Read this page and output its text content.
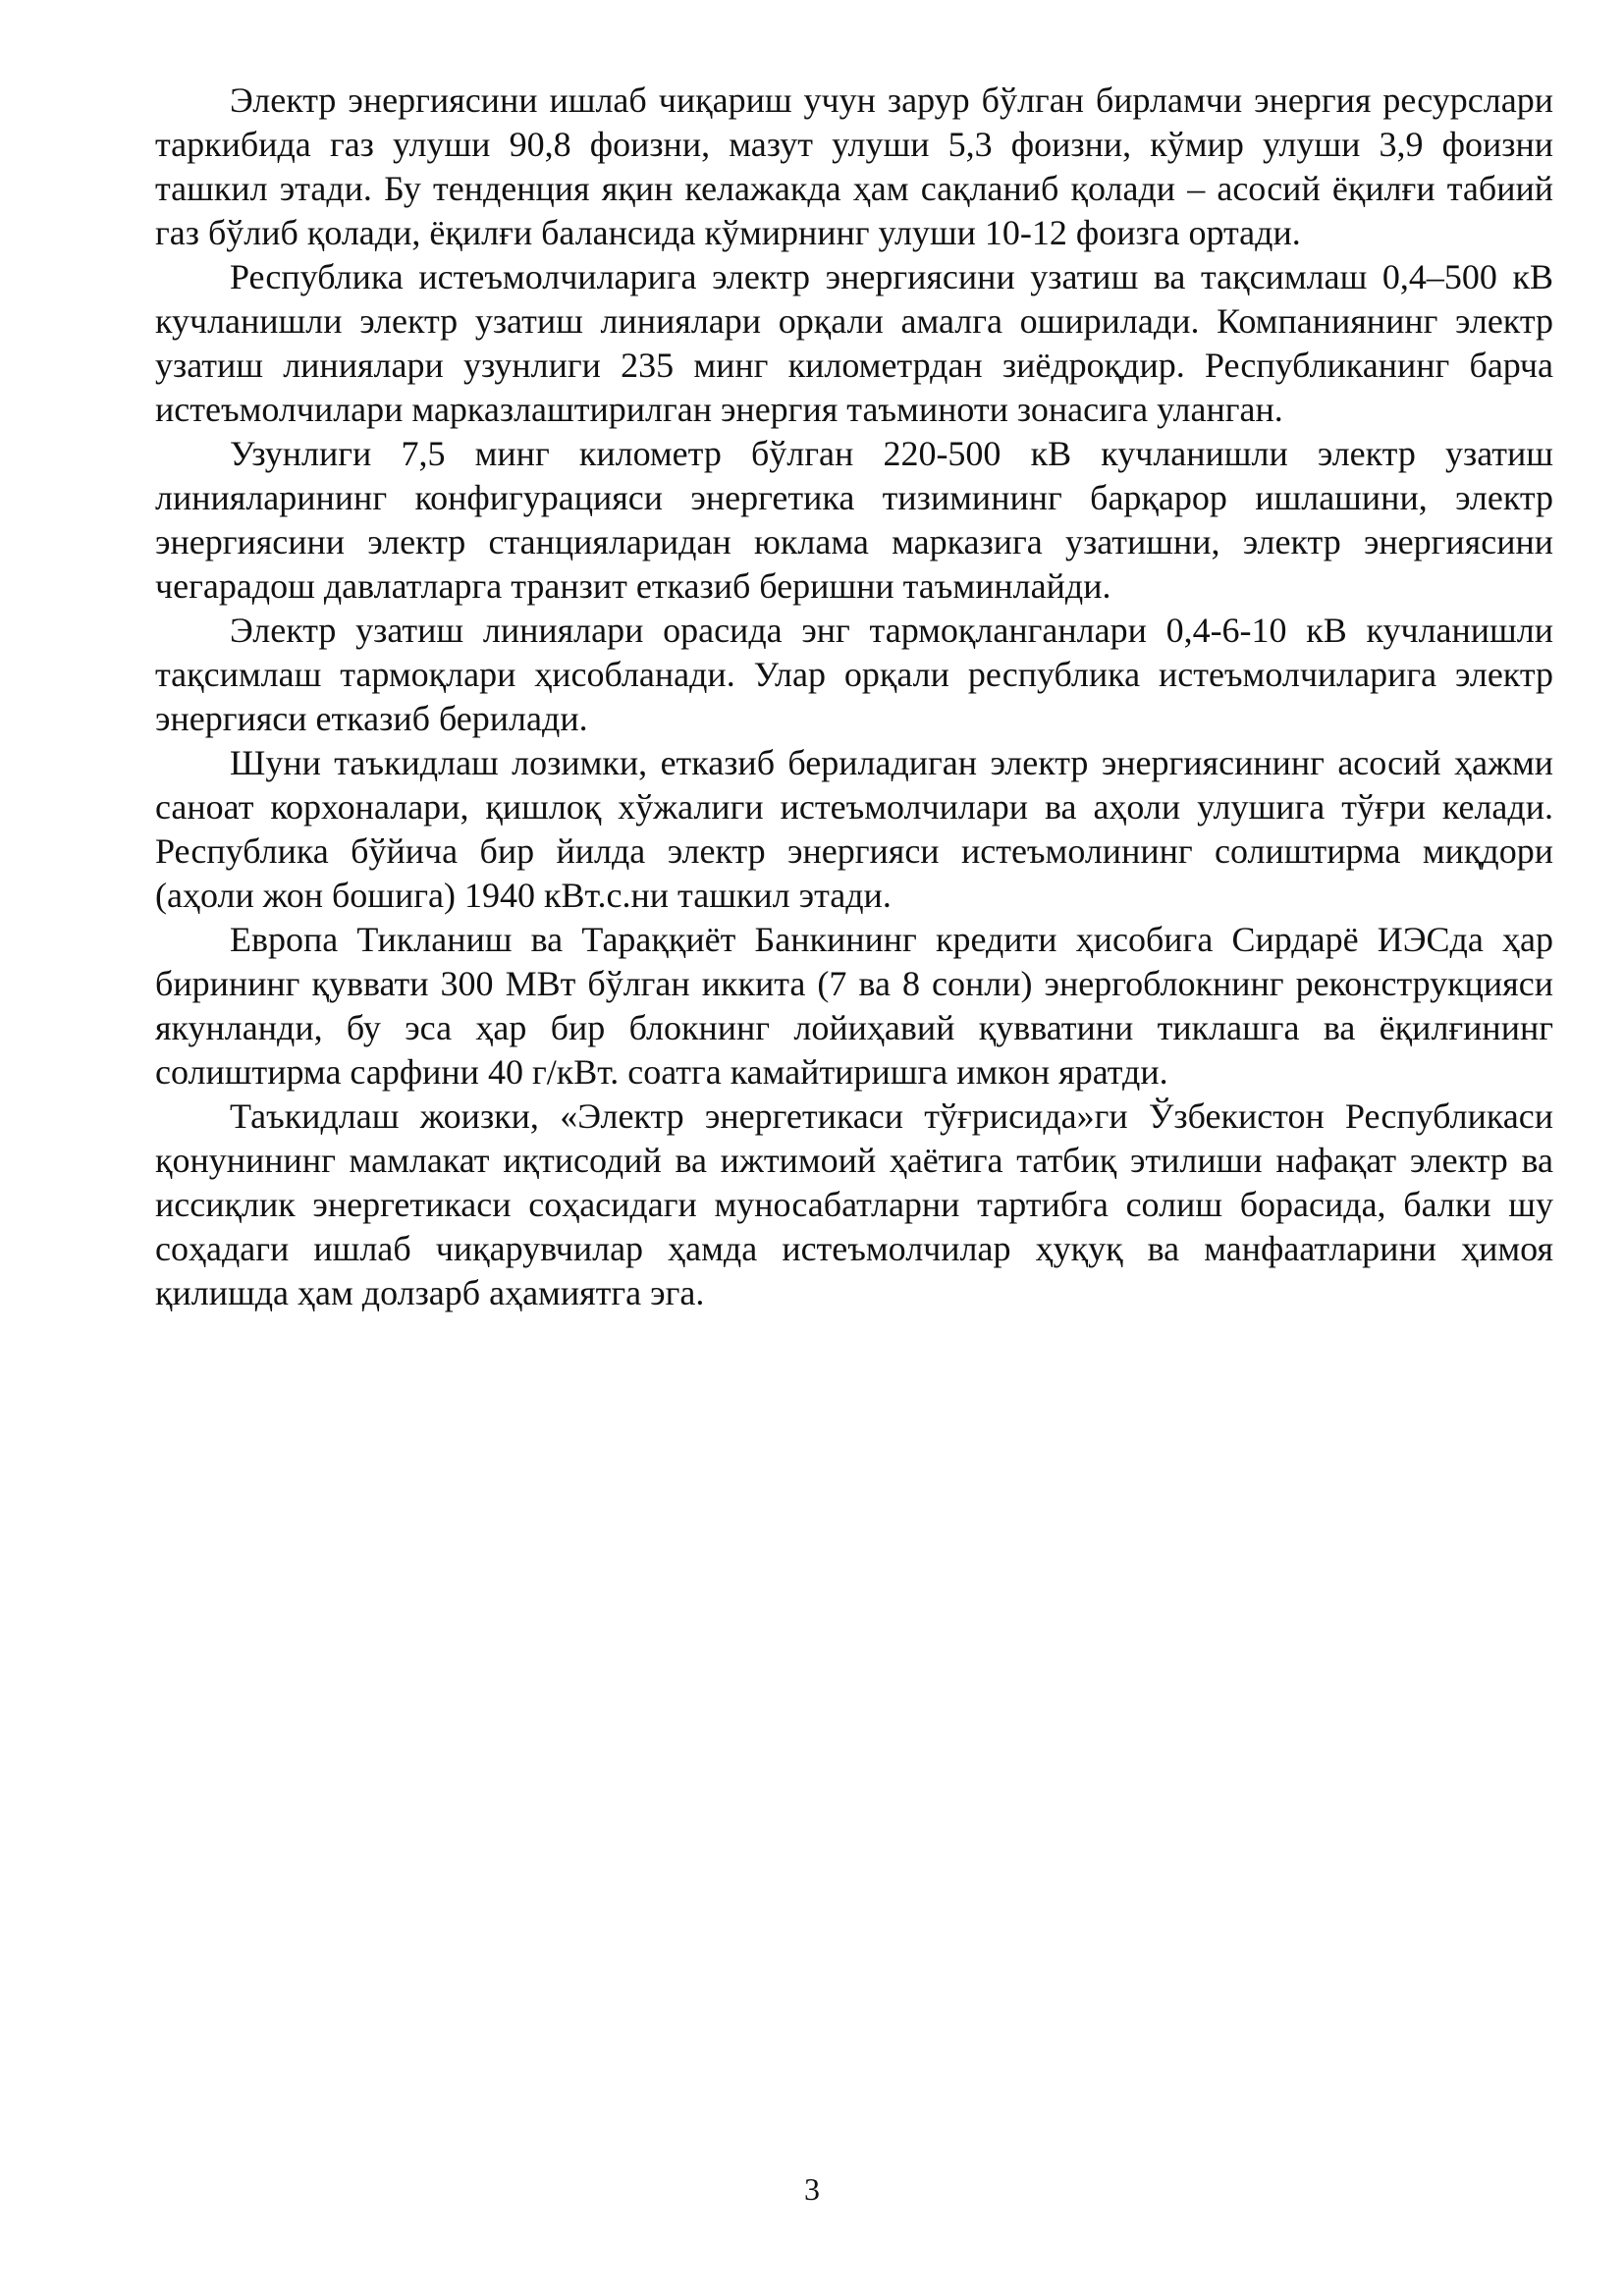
Электр энергиясини ишлаб чиқариш учун зарур бўлган бирламчи энергия ресурслари таркибида газ улуши 90,8 фоизни, мазут улуши 5,3 фоизни, кўмир улуши 3,9 фоизни ташкил этади. Бу тенденция яқин келажакда ҳам сақланиб қолади – асосий ёқилғи табиий газ бўлиб қолади, ёқилғи балансида кўмирнинг улуши 10-12 фоизга ортади.

Республика истеъмолчиларига электр энергиясини узатиш ва тақсимлаш 0,4–500 кВ кучланишли электр узатиш линиялари орқали амалга оширилади. Компаниянинг электр узатиш линиялари узунлиги 235 минг километрдан зиёдроқдир. Республиканинг барча истеъмолчилари марказлаштирилган энергия таъминоти зонасига уланган.

Узунлиги 7,5 минг километр бўлган 220-500 кВ кучланишли электр узатиш линияларининг конфигурацияси энергетика тизимининг барқарор ишлашини, электр энергиясини электр станцияларидан юклама марказига узатишни, электр энергиясини чегарадош давлатларга транзит етказиб беришни таъминлайди.

Электр узатиш линиялари орасида энг тармоқланганлари 0,4-6-10 кВ кучланишли тақсимлаш тармоқлари ҳисобланади. Улар орқали республика истеъмолчиларига электр энергияси етказиб берилади.

Шуни таъкидлаш лозимки, етказиб бериладиган электр энергиясининг асосий ҳажми саноат корхоналари, қишлоқ хўжалиги истеъмолчилари ва аҳоли улушига тўғри келади. Республика бўйича бир йилда электр энергияси истеъмолининг солиштирма миқдори (аҳоли жон бошига) 1940 кВт.с.ни ташкил этади.

Европа Тикланиш ва Тараққиёт Банкининг кредити ҳисобига Сирдарё ИЭСда ҳар бирининг қуввати 300 МВт бўлган иккита (7 ва 8 сонли) энергоблокнинг реконструкцияси якунланди, бу эса ҳар бир блокнинг лойиҳавий қувватини тиклашга ва ёқилғининг солиштирма сарфини 40 г/кВт. соатга камайтиришга имкон яратди.

Таъкидлаш жоизки, «Электр энергетикаси тўғрисида»ги Ўзбекистон Республикаси қонунининг мамлакат иқтисодий ва ижтимоий ҳаётига татбиқ этилиши нафақат электр ва иссиқлик энергетикаси соҳасидаги муносабатларни тартибга солиш борасида, балки шу соҳадаги ишлаб чиқарувчилар ҳамда истеъмолчилар ҳуқуқ ва манфаатларини ҳимоя қилишда ҳам долзарб аҳамиятга эга.

3
